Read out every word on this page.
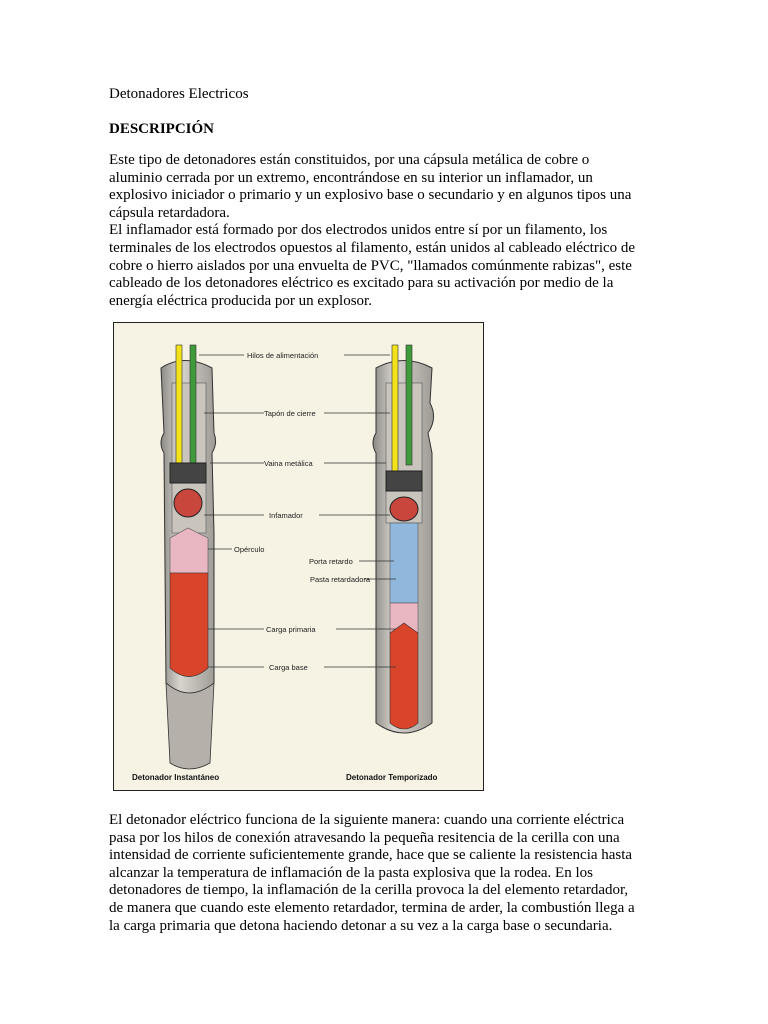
Detonadores Electricos
DESCRIPCIÓN
Este tipo de detonadores están constituidos, por una cápsula metálica de cobre o
aluminio cerrada por un extremo, encontrándose en su interior un inflamador, un
explosivo iniciador o primario y un explosivo base o secundario y en algunos tipos una
cápsula retardadora.
El inflamador está formado por dos electrodos unidos entre sí por un filamento, los
terminales de los electrodos opuestos al filamento, están unidos al cableado eléctrico de
cobre o hierro aislados por una envuelta de PVC, "llamados comúnmente rabizas", este
cableado de los detonadores eléctrico es excitado para su activación por medio de la
energía eléctrica producida por un explosor.
Hilos de alimentación
Tapón de cierre
Vaina metálica
Infamador
Opérculo
Porta retardo
Pasta retardadora
Carga primaria
Carga base
Detonador Instantáneo	Detonador Temporizado
El detonador eléctrico funciona de la siguiente manera: cuando una corriente eléctrica
pasa por los hilos de conexión atravesando la pequeña resitencia de la cerilla con una
intensidad de corriente suficientemente grande, hace que se caliente la resistencia hasta
alcanzar la temperatura de inflamación de la pasta explosiva que la rodea. En los
detonadores de tiempo, la inflamación de la cerilla provoca la del elemento retardador,
de manera que cuando este elemento retardador, termina de arder, la combustión llega a
la carga primaria que detona haciendo detonar a su vez a la carga base o secundaria.
